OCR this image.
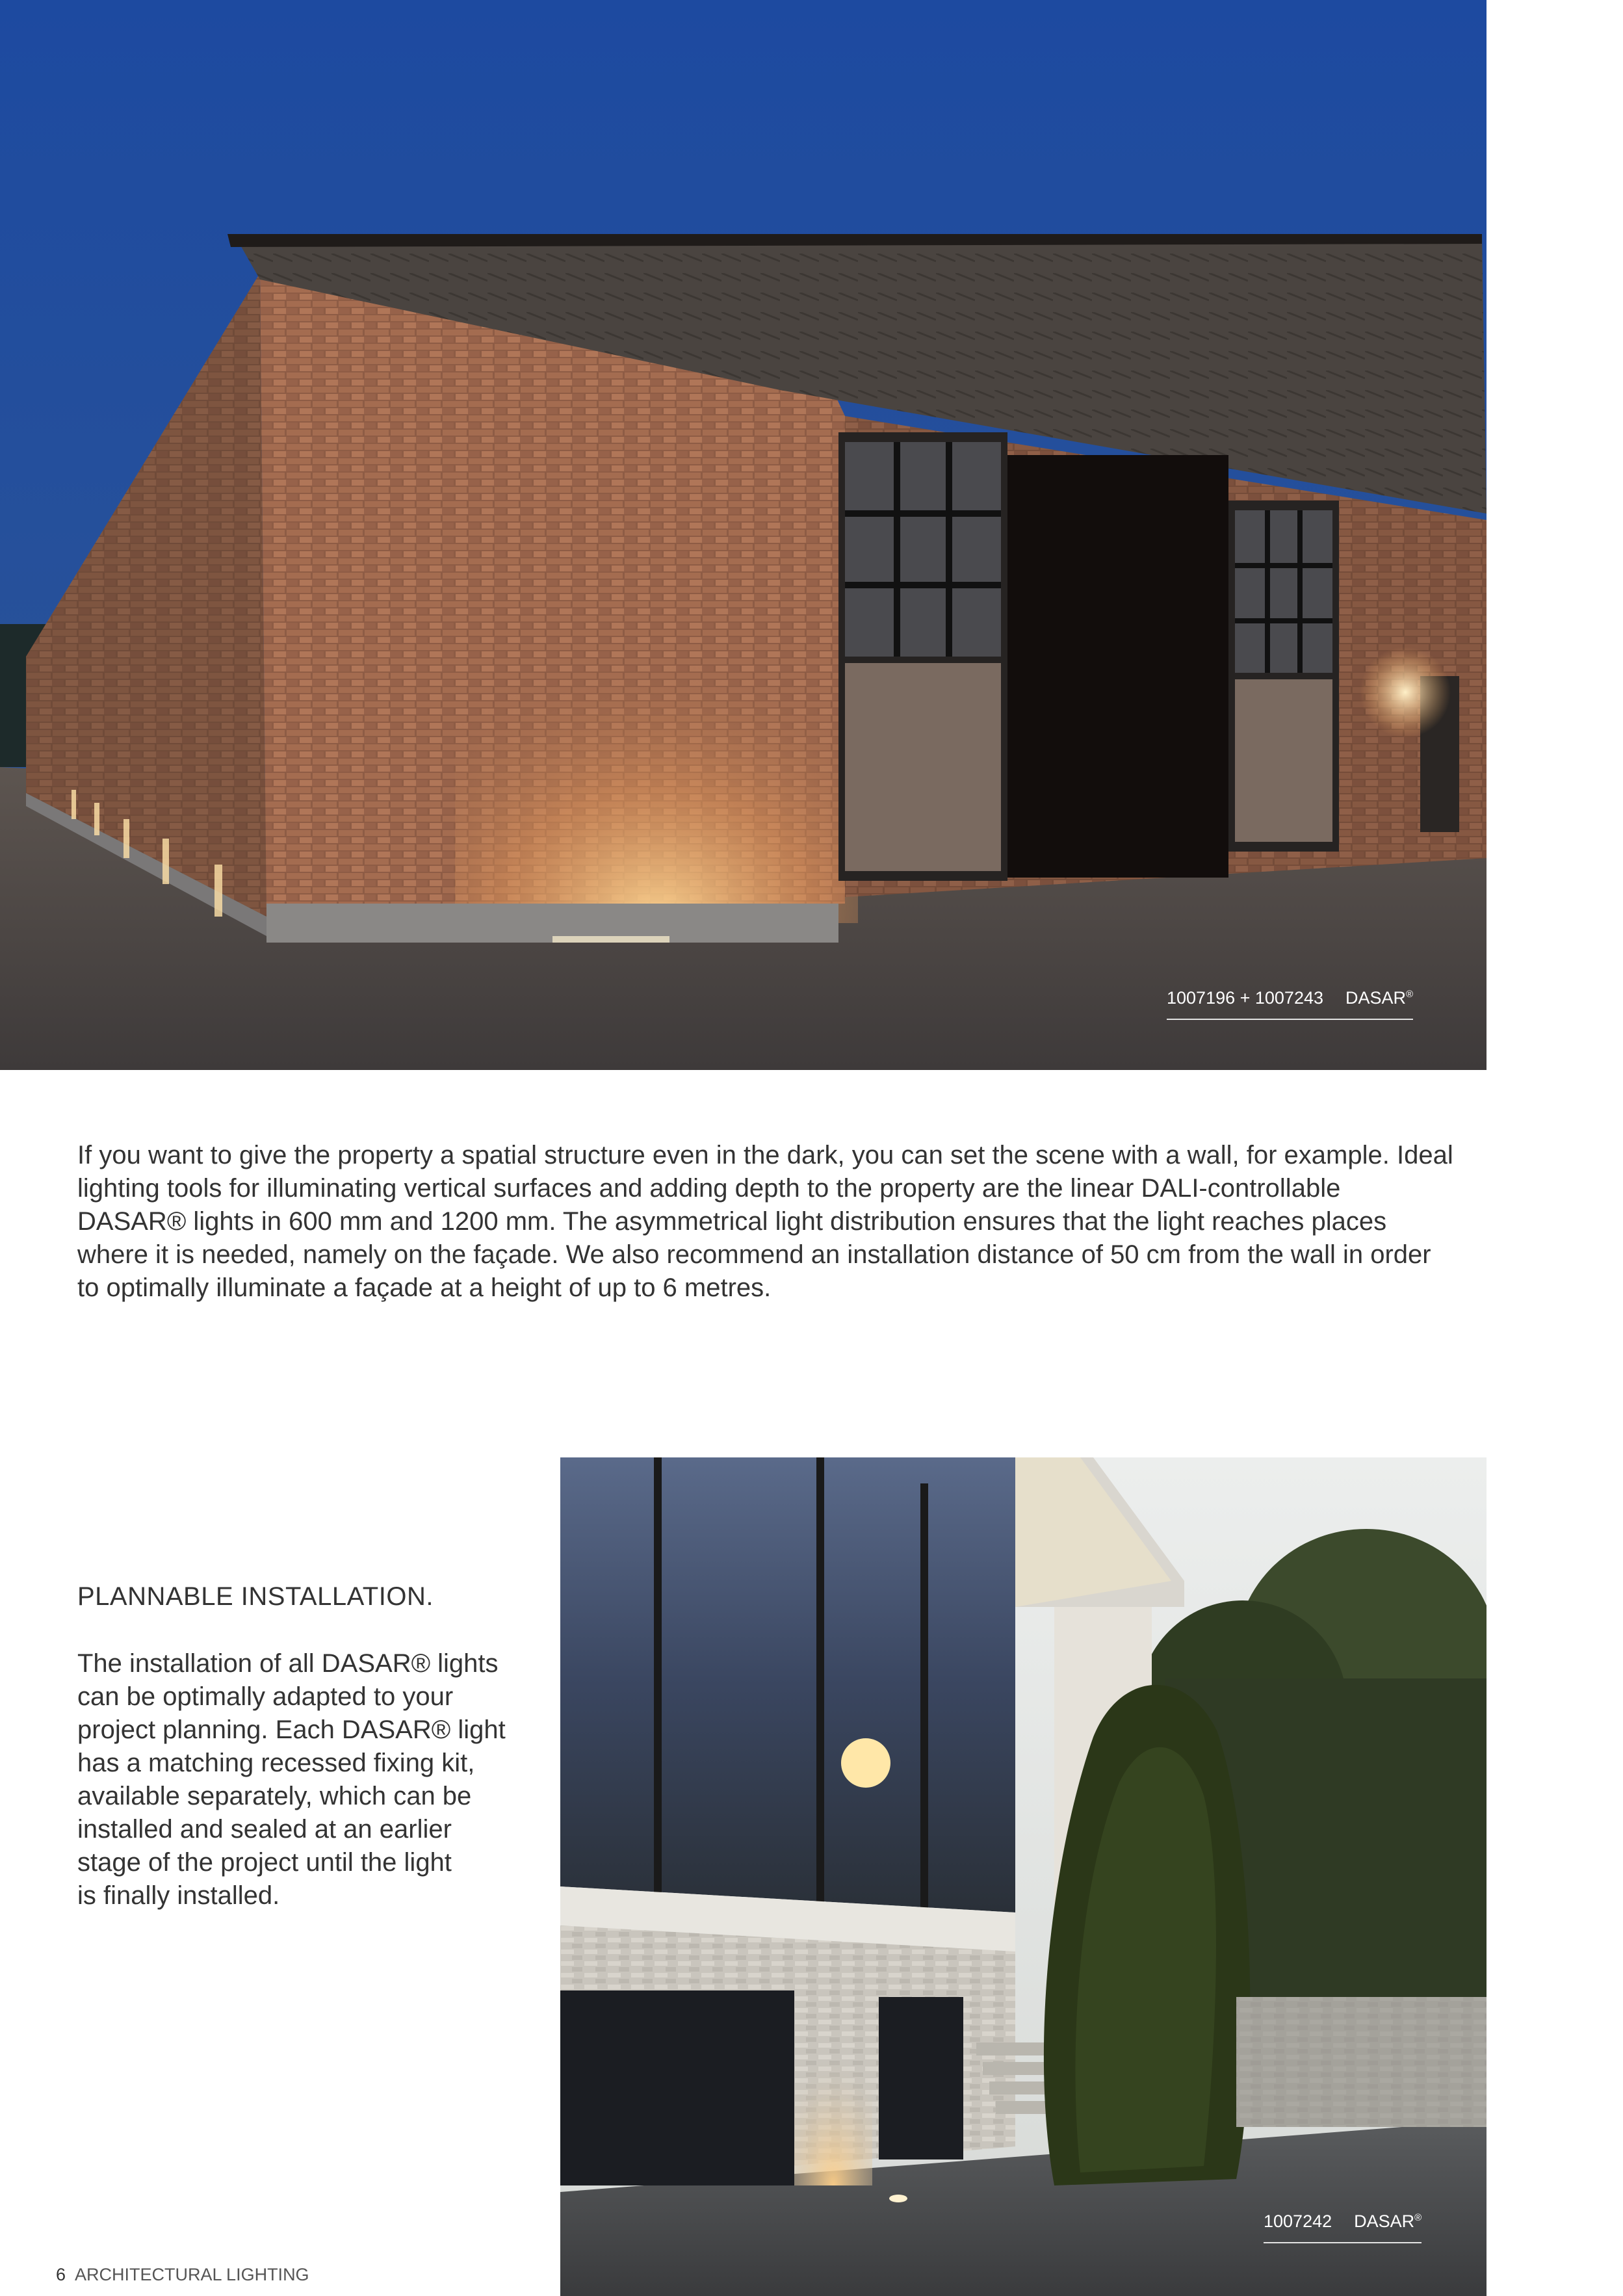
1007196 + 1007243 DASAR®

If you want to give the property a spatial structure even in the dark, you can set the scene with a wall, for example. Ideal lighting tools for illuminating vertical surfaces and adding depth to the property are the linear DALI-controllable DASAR® lights in 600 mm and 1200 mm. The asymmetrical light distribution ensures that the light reaches places where it is needed, namely on the façade. We also recommend an installation distance of 50 cm from the wall in order to optimally illuminate a façade at a height of up to 6 metres.

PLANNABLE INSTALLATION.

The installation of all DASAR® lights
can be optimally adapted to your
project planning. Each DASAR® light
has a matching recessed fixing kit,
available separately, which can be
installed and sealed at an earlier
stage of the project until the light
is finally installed.

1007242 DASAR®
6 ARCHITECTURAL LIGHTING
